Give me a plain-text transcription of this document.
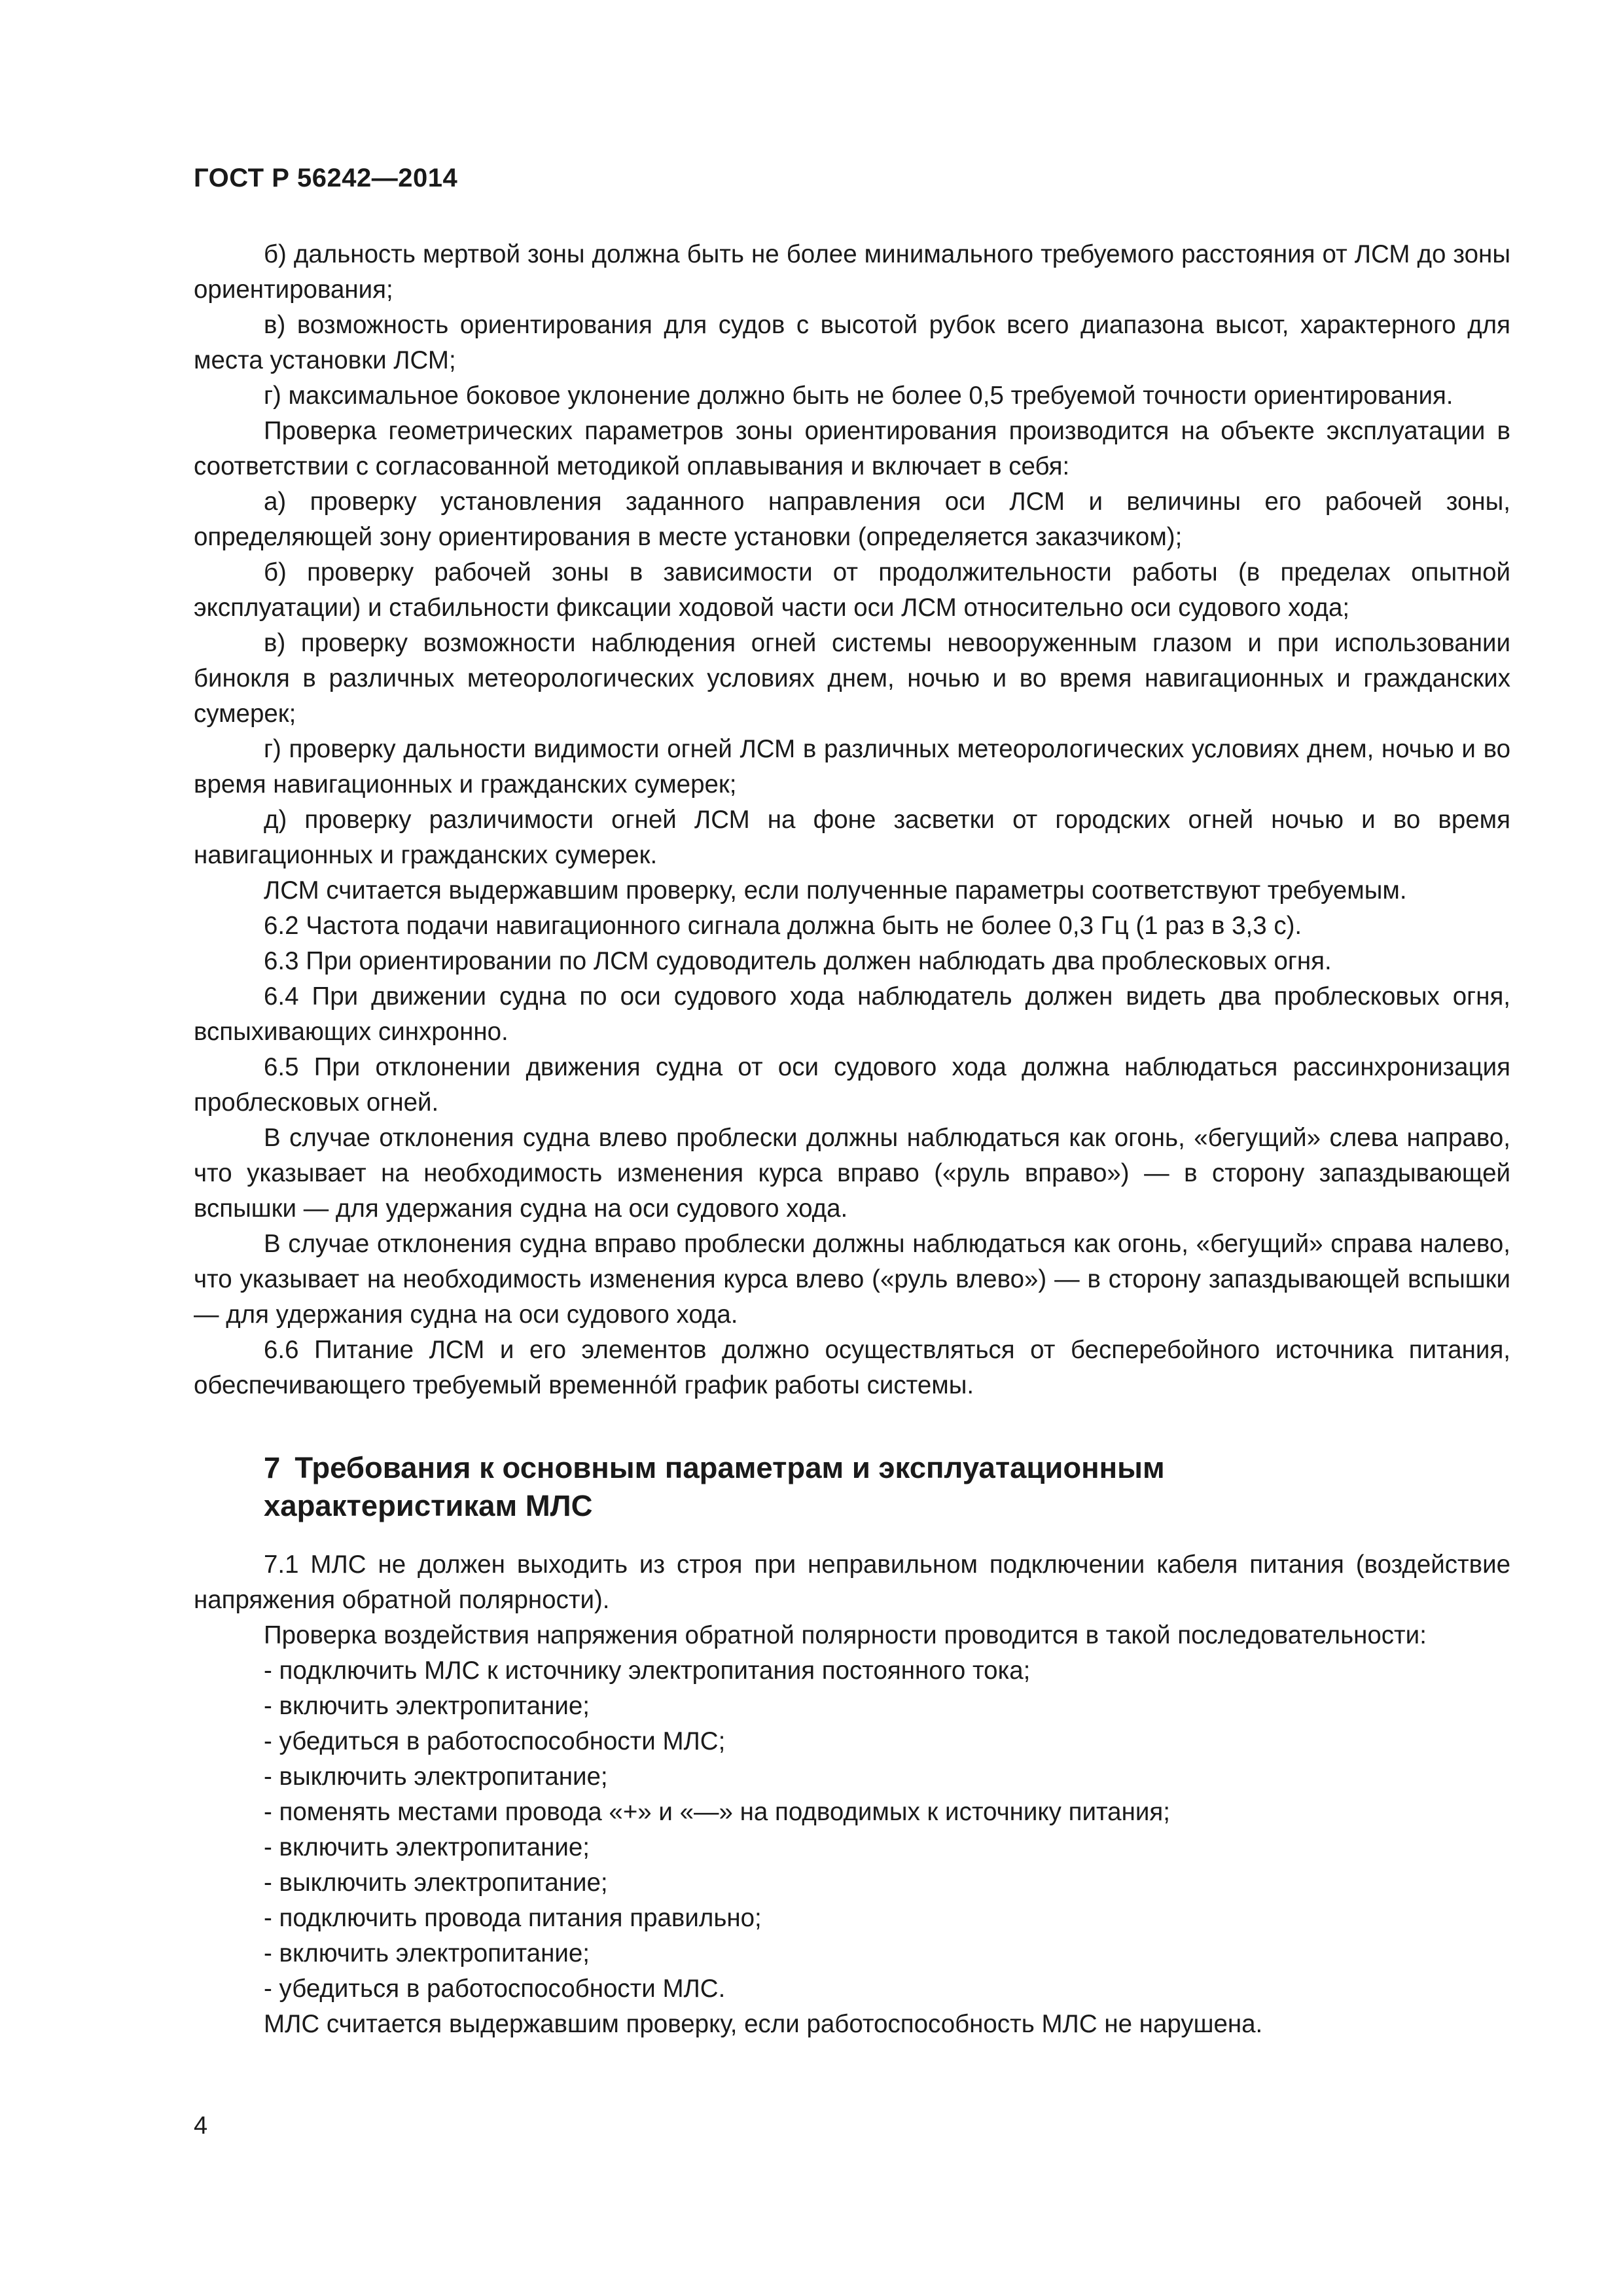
ГОСТ Р 56242—2014

б) дальность мертвой зоны должна быть не более минимального требуемого расстояния от ЛСМ до зоны ориентирования;

в) возможность ориентирования для судов с высотой рубок всего диапазона высот, характерного для места установки ЛСМ;

г) максимальное боковое уклонение должно быть не более 0,5 требуемой точности ориентирования.

Проверка геометрических параметров зоны ориентирования производится на объекте эксплуатации в соответствии с согласованной методикой оплавывания и включает в себя:

а) проверку установления заданного направления оси ЛСМ и величины его рабочей зоны, определяющей зону ориентирования в месте установки (определяется заказчиком);

б) проверку рабочей зоны в зависимости от продолжительности работы (в пределах опытной эксплуатации) и стабильности фиксации ходовой части оси ЛСМ относительно оси судового хода;

в) проверку возможности наблюдения огней системы невооруженным глазом и при использовании бинокля в различных метеорологических условиях днем, ночью и во время навигационных и гражданских сумерек;

г) проверку дальности видимости огней ЛСМ в различных метеорологических условиях днем, ночью и во время навигационных и гражданских сумерек;

д) проверку различимости огней ЛСМ на фоне засветки от городских огней ночью и во время навигационных и гражданских сумерек.

ЛСМ считается выдержавшим проверку, если полученные параметры соответствуют требуемым.

6.2 Частота подачи навигационного сигнала должна быть не более 0,3 Гц (1 раз в 3,3 с).

6.3 При ориентировании по ЛСМ судоводитель должен наблюдать два проблесковых огня.

6.4 При движении судна по оси судового хода наблюдатель должен видеть два проблесковых огня, вспыхивающих синхронно.

6.5 При отклонении движения судна от оси судового хода должна наблюдаться рассинхронизация проблесковых огней.

В случае отклонения судна влево проблески должны наблюдаться как огонь, «бегущий» слева направо, что указывает на необходимость изменения курса вправо («руль вправо») — в сторону запаздывающей вспышки — для удержания судна на оси судового хода.

В случае отклонения судна вправо проблески должны наблюдаться как огонь, «бегущий» справа налево, что указывает на необходимость изменения курса влево («руль влево») — в сторону запаздывающей вспышки — для удержания судна на оси судового хода.

6.6 Питание ЛСМ и его элементов должно осуществляться от бесперебойного источника питания, обеспечивающего требуемый временно́й график работы системы.

7 Требования к основным параметрам и эксплуатационным
характеристикам МЛС

7.1 МЛС не должен выходить из строя при неправильном подключении кабеля питания (воздействие напряжения обратной полярности).

Проверка воздействия напряжения обратной полярности проводится в такой последовательности:

- подключить МЛС к источнику электропитания постоянного тока;
- включить электропитание;
- убедиться в работоспособности МЛС;
- выключить электропитание;
- поменять местами провода «+» и «—» на подводимых к источнику питания;
- включить электропитание;
- выключить электропитание;
- подключить провода питания правильно;
- включить электропитание;
- убедиться в работоспособности МЛС.

МЛС считается выдержавшим проверку, если работоспособность МЛС не нарушена.

4
